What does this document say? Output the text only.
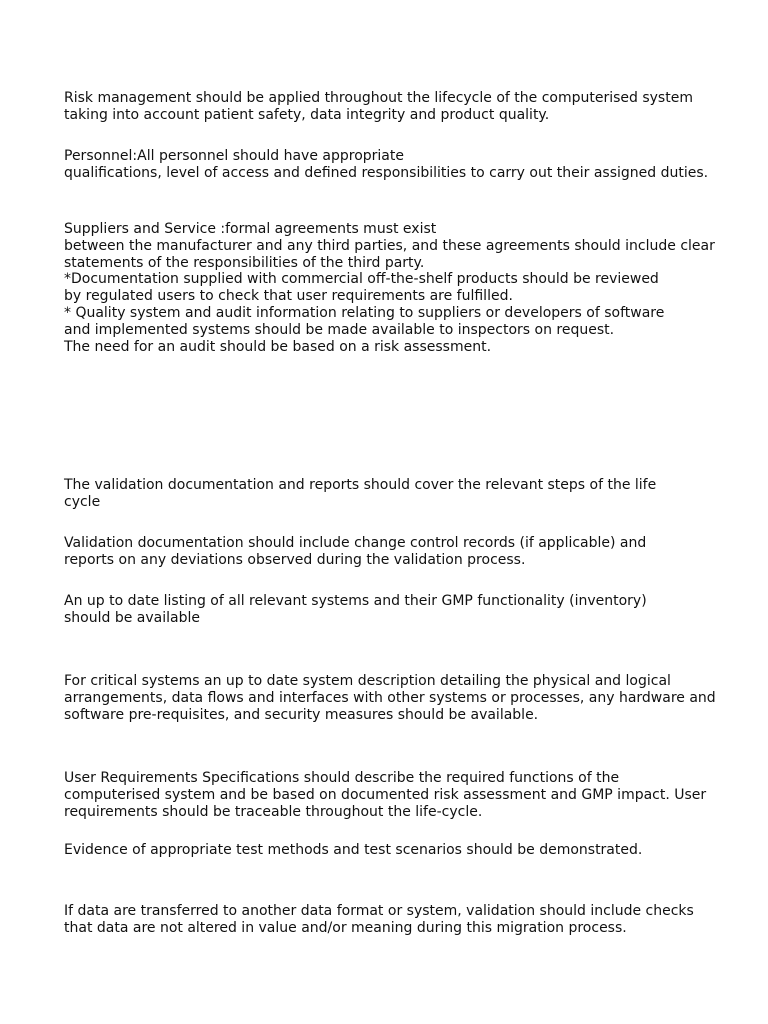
Risk management should be applied throughout the lifecycle of the computerised system
taking into account patient safety, data integrity and product quality.

Personnel:All personnel should have appropriate
qualifications, level of access and defined responsibilities to carry out their assigned duties.

Suppliers and Service :formal agreements must exist
between the manufacturer and any third parties, and these agreements should include clear
statements of the responsibilities of the third party.
*Documentation supplied with commercial off-the-shelf products should be reviewed
by regulated users to check that user requirements are fulfilled.
* Quality system and audit information relating to suppliers or developers of software
and implemented systems should be made available to inspectors on request.
The need for an audit should be based on a risk assessment.

The validation documentation and reports should cover the relevant steps of the life
cycle

Validation documentation should include change control records (if applicable) and
reports on any deviations observed during the validation process.

An up to date listing of all relevant systems and their GMP functionality (inventory)
should be available

For critical systems an up to date system description detailing the physical and logical
arrangements, data flows and interfaces with other systems or processes, any hardware and
software pre-requisites, and security measures should be available.

User Requirements Specifications should describe the required functions of the
computerised system and be based on documented risk assessment and GMP impact. User
requirements should be traceable throughout the life-cycle.

Evidence of appropriate test methods and test scenarios should be demonstrated.

If data are transferred to another data format or system, validation should include checks
that data are not altered in value and/or meaning during this migration process.
